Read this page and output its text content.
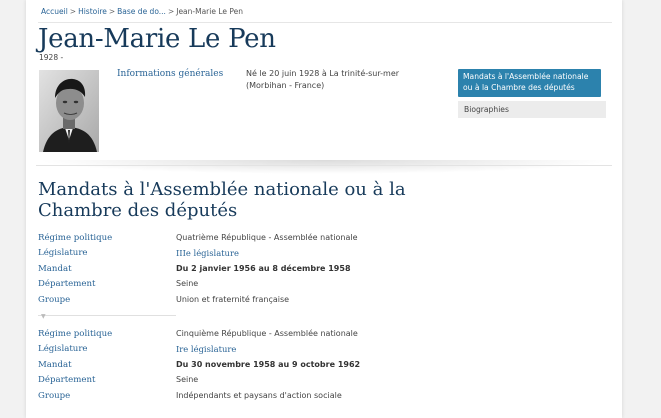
Accueil > Histoire > Base de do... > Jean-Marie Le Pen
Jean-Marie Le Pen
1928 -
Informations générales	Né le 20 juin 1928 à La trinité-sur-mer
(Morbihan - France)
Mandats à l'Assemblée nationale
ou à la Chambre des députés
Biographies
Mandats à l'Assemblée nationale ou à la
Chambre des députés
Régime politique	Quatrième République - Assemblée nationale
Législature	IIIe législature
Mandat	Du 2 janvier 1956 au 8 décembre 1958
Département	Seine
Groupe	Union et fraternité française
▼
Régime politique	Cinquième République - Assemblée nationale
Législature	Ire législature
Mandat	Du 30 novembre 1958 au 9 octobre 1962
Département	Seine
Groupe	Indépendants et paysans d'action sociale
